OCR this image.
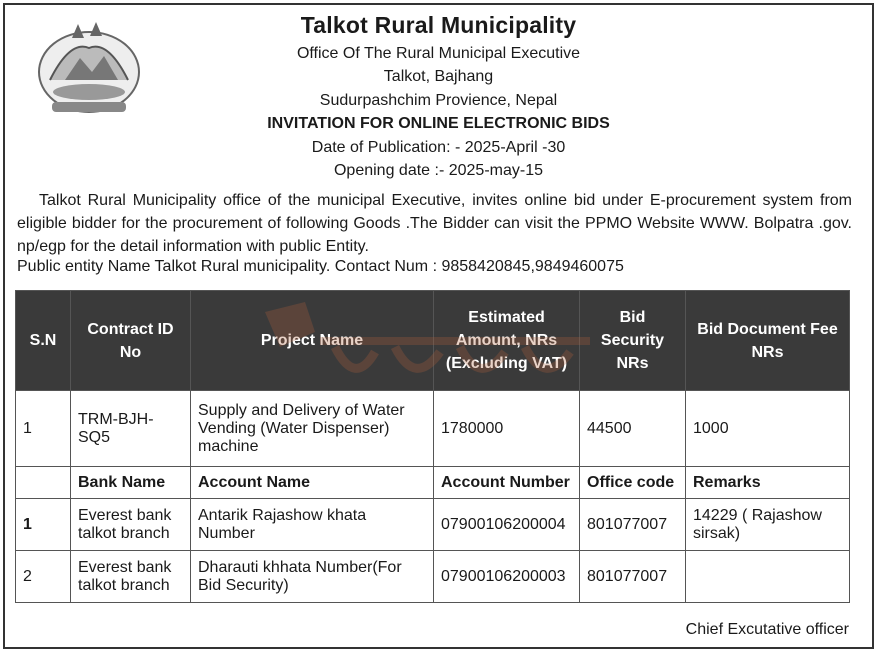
Talkot Rural Municipality
Office Of The Rural Municipal Executive
Talkot, Bajhang
Sudurpashchim Provience, Nepal
INVITATION FOR ONLINE ELECTRONIC BIDS
Date of Publication: - 2025-April -30
Opening date :- 2025-may-15

Talkot Rural Municipality office of the municipal Executive, invites online bid under E-procurement system from eligible bidder for the procurement of following Goods .The Bidder can visit the PPMO Website WWW. Bolpatra .gov. np/egp for the detail information with public Entity.

Public entity Name Talkot Rural municipality. Contact Num : 9858420845,9849460075
S.N	Contract ID No	Project Name	Estimated Amount, NRs (Excluding VAT)	Bid Security NRs	Bid Document Fee NRs
1	TRM-BJH-SQ5	Supply and Delivery of Water Vending (Water Dispenser) machine	1780000	44500	1000
	Bank Name	Account Name	Account Number	Office code	Remarks
1	Everest bank talkot branch	Antarik Rajashow khata Number	07900106200004	801077007	14229 ( Rajashow sirsak)
2	Everest bank talkot branch	Dharauti khhata Number(For Bid Security)	07900106200003	801077007	
Chief Excutative officer
